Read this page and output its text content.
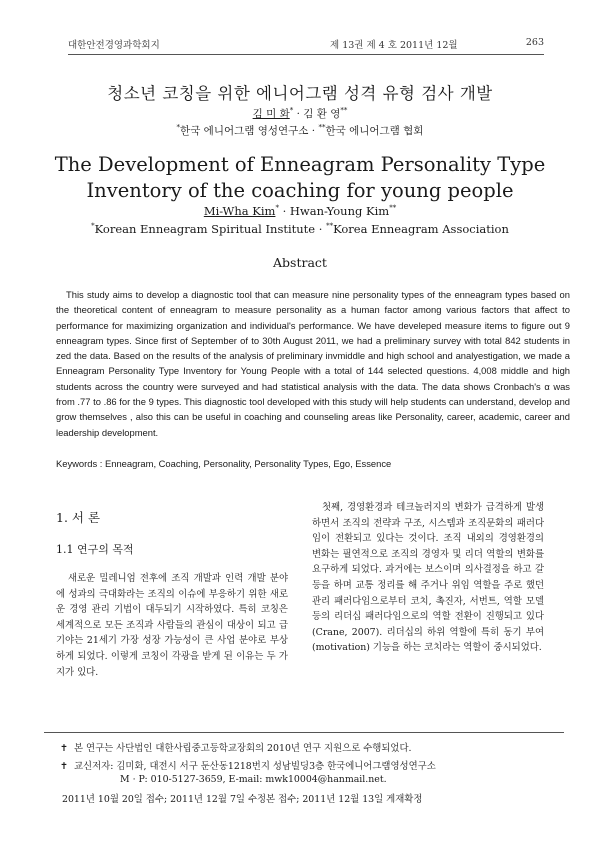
대한안전경영과학회지	제 13권 제 4 호 2011년 12월	263
청소년 코칭을 위한 에니어그램 성격 유형 검사 개발
김 미 화* · 김 환 영**
*한국 에니어그램 영성연구소 · **한국 에니어그램 협회
The Development of Enneagram Personality Type Inventory of the coaching for young people
Mi-Wha Kim* · Hwan-Young Kim**
*Korean Enneagram Spiritual Institute · **Korea Enneagram Association
Abstract
This study aims to develop a diagnostic tool that can measure nine personality types of the enneagram types based on the theoretical content of enneagram to measure personality as a human factor among various factors that affect to performance for maximizing organization and individual's performance. We have develeped measure items to figure out 9 enneagram types. Since first of September of to 30th August 2011, we had a preliminary survey with total 842 students in zed the data. Based on the results of the analysis of preliminary invmiddle and high school and analyestigation, we made a Enneagram Personality Type Inventory for Young People with a total of 144 selected questions. 4,008 middle and high students across the country were surveyed and had statistical analysis with the data. The data shows Cronbach's α was from .77 to .86 for the 9 types. This diagnostic tool developed with this study will help students can understand, develop and grow themselves , also this can be useful in coaching and counseling areas like Personality, career, academic, career and leadership development.
Keywords : Enneagram, Coaching, Personality, Personality Types, Ego, Essence
1. 서 론
1.1 연구의 목적
새로운 밀레니엄 전후에 조직 개발과 인력 개발 분야에 성과의 극대화라는 조직의 이슈에 부응하기 위한 새로운 경영 관리 기법이 대두되기 시작하였다. 특히 코칭은 세계적으로 모든 조직과 사람들의 관심이 대상이 되고 급기야는 21세기 가장 성장 가능성이 큰 사업 분야로 부상하게 되었다. 이렇게 코칭이 각광을 받게 된 이유는 두 가지가 있다.
첫째, 경영환경과 테크놀러지의 변화가 급격하게 발생하면서 조직의 전략과 구조, 시스템과 조직문화의 패러다임이 전환되고 있다는 것이다. 조직 내외의 경영환경의 변화는 필연적으로 조직의 경영자 및 리더 역할의 변화를 요구하게 되었다. 과거에는 보스이며 의사결정을 하고 갈등을 하며 교통 정리를 해 주거나 위임 역할을 주로 했던 관리 패러다임으로부터 코치, 촉진자, 서번트, 역할 모델 등의 리더십 패러다임으로의 역할 전환이 진행되고 있다(Crane, 2007). 리더십의 하위 역할에 특히 동기 부여(motivation) 기능을 하는 코치라는 역할이 중시되었다.
✝ 본 연구는 사단법인 대한사립중고등학교장회의 2010년 연구 지원으로 수행되었다.
✝ 교신저자: 김미화, 대전시 서구 둔산동1218번지 성남빌딩3층 한국에니어그램영성연구소
M · P: 010-5127-3659, E-mail: mwk10004@hanmail.net.
2011년 10월 20일 접수; 2011년 12월 7일 수정본 접수; 2011년 12월 13일 게재확정
